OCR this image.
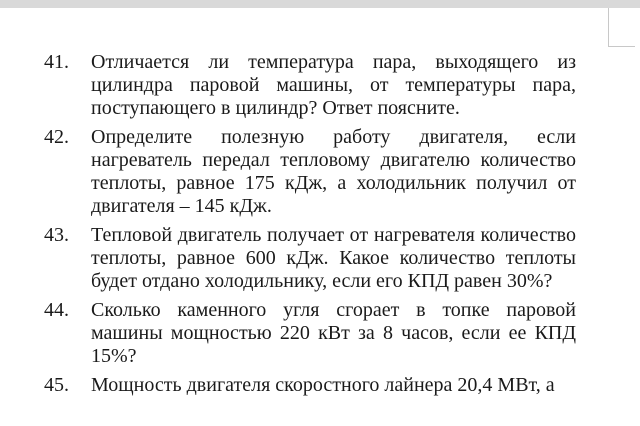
41.	Отличается ли температура пара, выходящего из цилиндра паровой машины, от температуры пара, поступающего в цилиндр? Ответ поясните.
42.	Определите полезную работу двигателя, если нагреватель передал тепловому двигателю количество теплоты, равное 175 кДж, а холодильник получил от двигателя – 145 кДж.
43.	Тепловой двигатель получает от нагревателя количество теплоты, равное 600 кДж. Какое количество теплоты будет отдано холодильнику, если его КПД равен 30%?
44.	Сколько каменного угля сгорает в топке паровой машины мощностью 220 кВт за 8 часов, если ее КПД 15%?
45.	Мощность двигателя скоростного лайнера 20,4 МВт, а
